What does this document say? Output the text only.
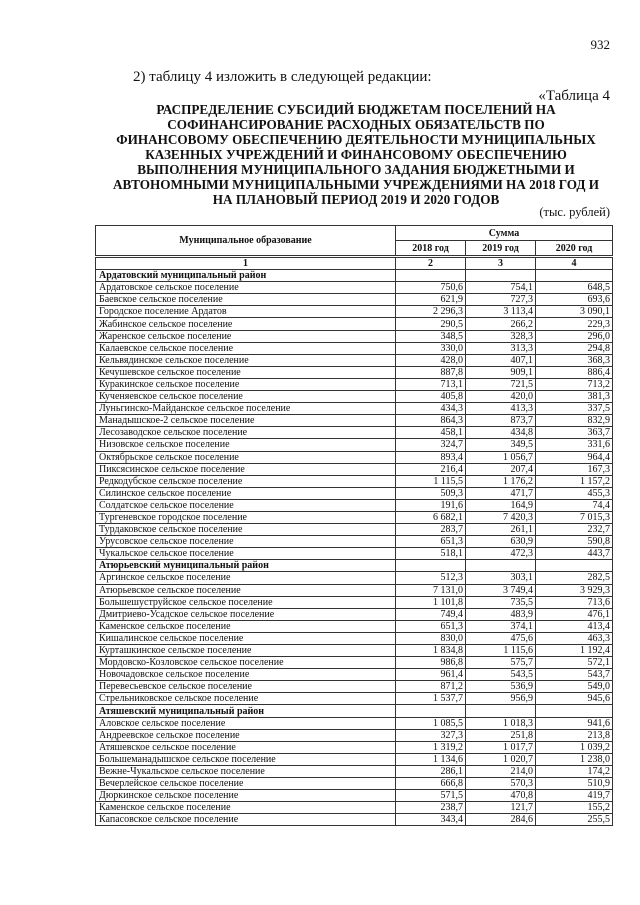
932
2) таблицу 4 изложить в следующей редакции:
«Таблица 4
РАСПРЕДЕЛЕНИЕ СУБСИДИЙ БЮДЖЕТАМ ПОСЕЛЕНИЙ НА
СОФИНАНСИРОВАНИЕ РАСХОДНЫХ ОБЯЗАТЕЛЬСТВ ПО
ФИНАНСОВОМУ ОБЕСПЕЧЕНИЮ ДЕЯТЕЛЬНОСТИ МУНИЦИПАЛЬНЫХ
КАЗЕННЫХ УЧРЕЖДЕНИЙ И ФИНАНСОВОМУ ОБЕСПЕЧЕНИЮ
ВЫПОЛНЕНИЯ МУНИЦИПАЛЬНОГО ЗАДАНИЯ БЮДЖЕТНЫМИ И
АВТОНОМНЫМИ МУНИЦИПАЛЬНЫМИ УЧРЕЖДЕНИЯМИ НА 2018 ГОД И
НА ПЛАНОВЫЙ ПЕРИОД 2019 И 2020 ГОДОВ
(тыс. рублей)
Муниципальное образование	Сумма		
	2018 год	2019 год	2020 год
1	2	3	4
Ардатовский муниципальный район			
Ардатовское сельское поселение	750,6	754,1	648,5
Баевское сельское поселение	621,9	727,3	693,6
Городское поселение Ардатов	2 296,3	3 113,4	3 090,1
Жабинское сельское поселение	290,5	266,2	229,3
Жаренское сельское поселение	348,5	328,3	296,0
Калаевское сельское поселение	330,0	313,3	294,8
Кельвядинское сельское поселение	428,0	407,1	368,3
Кечушевское сельское поселение	887,8	909,1	886,4
Куракинское сельское поселение	713,1	721,5	713,2
Кученяевское сельское поселение	405,8	420,0	381,3
Луньгинско-Майданское сельское поселение	434,3	413,3	337,5
Манадышское-2 сельское поселение	864,3	873,7	832,9
Лесозаводское сельское поселение	458,1	434,8	363,7
Низовское сельское поселение	324,7	349,5	331,6
Октябрьское сельское поселение	893,4	1 056,7	964,4
Пиксясинское сельское поселение	216,4	207,4	167,3
Редкодубское сельское поселение	1 115,5	1 176,2	1 157,2
Силинское сельское поселение	509,3	471,7	455,3
Солдатское сельское поселение	191,6	164,9	74,4
Тургеневское городское поселение	6 682,1	7 420,3	7 015,3
Турдаковское сельское поселение	283,7	261,1	232,7
Урусовское сельское поселение	651,3	630,9	590,8
Чукальское сельское поселение	518,1	472,3	443,7
Атюрьевский муниципальный район			
Аргинское сельское поселение	512,3	303,1	282,5
Атюрьевское сельское поселение	7 131,0	3 749,4	3 929,3
Большешуструйское сельское поселение	1 101,8	735,5	713,6
Дмитриево-Усадское сельское поселение	749,4	483,9	476,1
Каменское сельское поселение	651,3	374,1	413,4
Кишалинское сельское поселение	830,0	475,6	463,3
Курташкинское сельское поселение	1 834,8	1 115,6	1 192,4
Мордовско-Козловское сельское поселение	986,8	575,7	572,1
Новочадовское сельское поселение	961,4	543,5	543,7
Перевесьевское сельское поселение	871,2	536,9	549,0
Стрельниковское сельское поселение	1 537,7	956,9	945,6
Атяшевский муниципальный район			
Аловское сельское поселение	1 085,5	1 018,3	941,6
Андреевское сельское поселение	327,3	251,8	213,8
Атяшевское сельское поселение	1 319,2	1 017,7	1 039,2
Большеманадышское сельское поселение	1 134,6	1 020,7	1 238,0
Вежне-Чукальское сельское поселение	286,1	214,0	174,2
Вечерлейское сельское поселение	666,8	570,3	510,9
Дюркинское сельское поселение	571,5	470,8	419,7
Каменское сельское поселение	238,7	121,7	155,2
Капасовское сельское поселение	343,4	284,6	255,5
